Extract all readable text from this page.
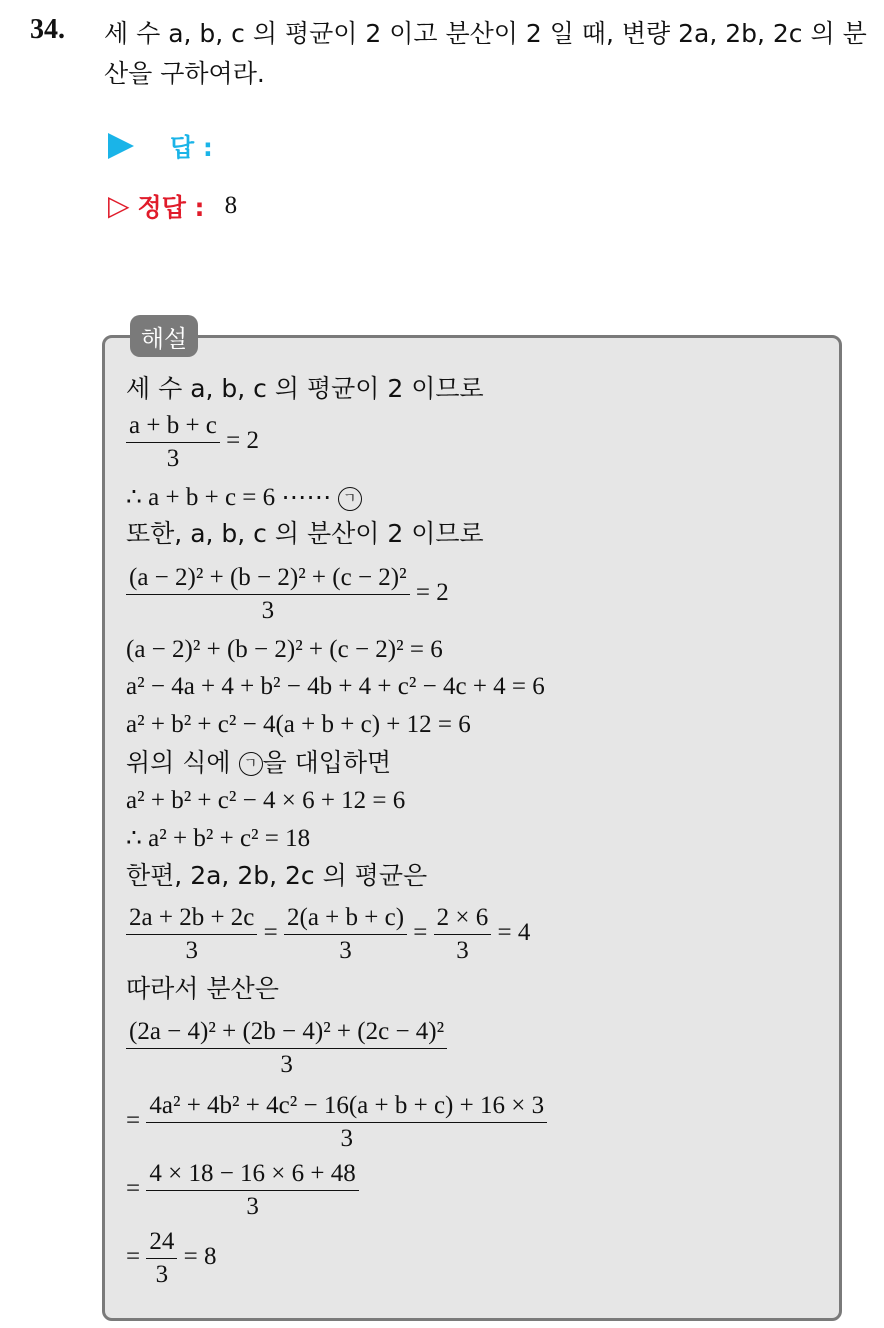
34. 세 수 a, b, c 의 평균이 2 이고 분산이 2 일 때, 변량 2a, 2b, 2c 의 분산을 구하여라.
답 :
▷ 정답 : 8
해설
세 수 a, b, c 의 평균이 2 이므로
$\frac{a + b + c}{3} = 2$
∴ a + b + c = 6 ⋯⋯ ㄱ
또한, a, b, c 의 분산이 2 이므로
$\frac{\text{(a − 2)² + (b − 2)² + (c − 2)²}}{3} = 2$
(a − 2)² + (b − 2)² + (c − 2)² = 6
a² − 4a + 4 + b² − 4b + 4 + c² − 4c + 4 = 6
a² + b² + c² − 4(a + b + c) + 12 = 6
위의 식에 ㄱ 을 대입하면
a² + b² + c² − 4 × 6 + 12 = 6
∴ a² + b² + c² = 18
한편, 2a, 2b, 2c 의 평균은
$\frac{2a + 2b + 2c}{3} = \frac{2(a + b + c)}{3} = \frac{2 \times 6}{3} = 4$
따라서 분산은
$\frac{\text{(2a − 4)² + (2b − 4)² + (2c − 4)²}}{3}$
= $\frac{\text{4a² + 4b² + 4c² − 16(a + b + c) + 16 × 3}}{3}$
= $\frac{4 \times 18 - 16 \times 6 + 48}{3}$
= $\frac{24}{3} = 8$
